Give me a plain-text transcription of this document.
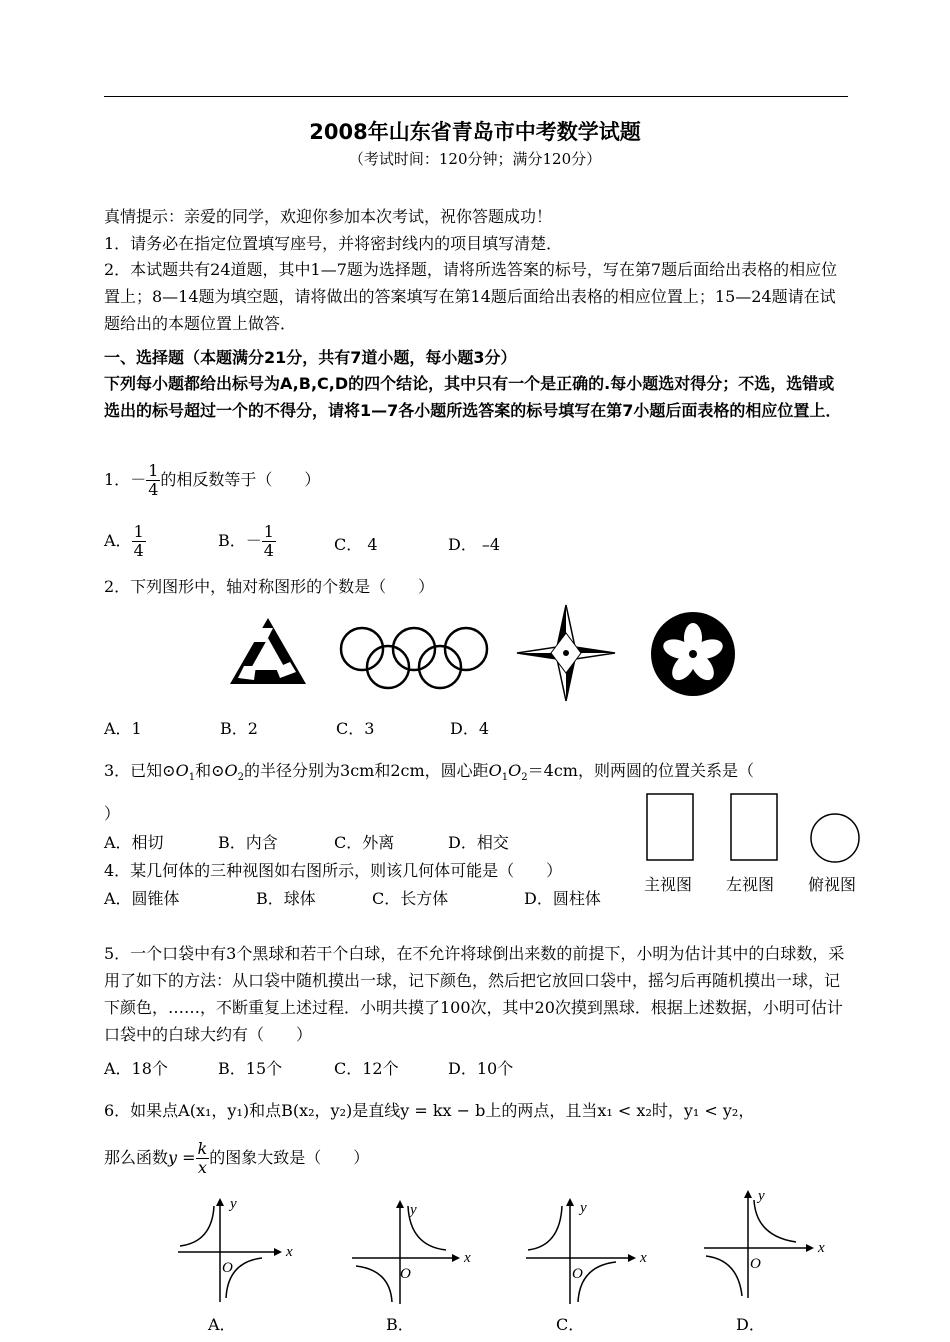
2008年山东省青岛市中考数学试题
（考试时间：120分钟；满分120分）
真情提示：亲爱的同学，欢迎你参加本次考试，祝你答题成功！
1．请务必在指定位置填写座号，并将密封线内的项目填写清楚．
2．本试题共有24道题，其中1—7题为选择题，请将所选答案的标号，写在第7题后面给出表格的相应位置上；8—14题为填空题，请将做出的答案填写在第14题后面给出表格的相应位置上；15—24题请在试题给出的本题位置上做答．
一、选择题（本题满分21分，共有7道小题，每小题3分）
下列每小题都给出标号为A,B,C,D的四个结论，其中只有一个是正确的.每小题选对得分；不选，选错或选出的标号超过一个的不得分，请将1—7各小题所选答案的标号填写在第7小题后面表格的相应位置上．
1．－ $\frac{1}{4}$ 的相反数等于（　　）
A． $\frac{1}{4}$	B．－ $\frac{1}{4}$	C． 4	D． –4
2．下列图形中，轴对称图形的个数是（　　）
A．1	B．2	C．3	D．4
3．已知$⊙O_1$和$⊙O_2$的半径分别为3cm和2cm，圆心距$O_1O_2=4cm$，则两圆的位置关系是（
）
A．相切	B．内含	C．外离	D．相交
4．某几何体的三种视图如右图所示，则该几何体可能是（　　）
A．圆锥体	B．球体	C．长方体	D．圆柱体
主视图 左视图 俯视图
5．一个口袋中有3个黑球和若干个白球，在不允许将球倒出来数的前提下，小明为估计其中的白球数，采用了如下的方法：从口袋中随机摸出一球，记下颜色，然后把它放回口袋中，摇匀后再随机摸出一球，记下颜色，……，不断重复上述过程．小明共摸了100次，其中20次摸到黑球．根据上述数据，小明可估计口袋中的白球大约有（　　）
A．18个	B．15个	C．12个	D．10个
6．如果点A(x₁，y₁)和点B(x₂，y₂)是直线y = kx − b上的两点，且当x₁ < x₂时，y₁ < y₂，
那么函数$y = \frac{k}{x}$ 的图象大致是（　　）
y
x
O
A．
y
x
O
B．
y
x
O
C．
y
x
O
D．
